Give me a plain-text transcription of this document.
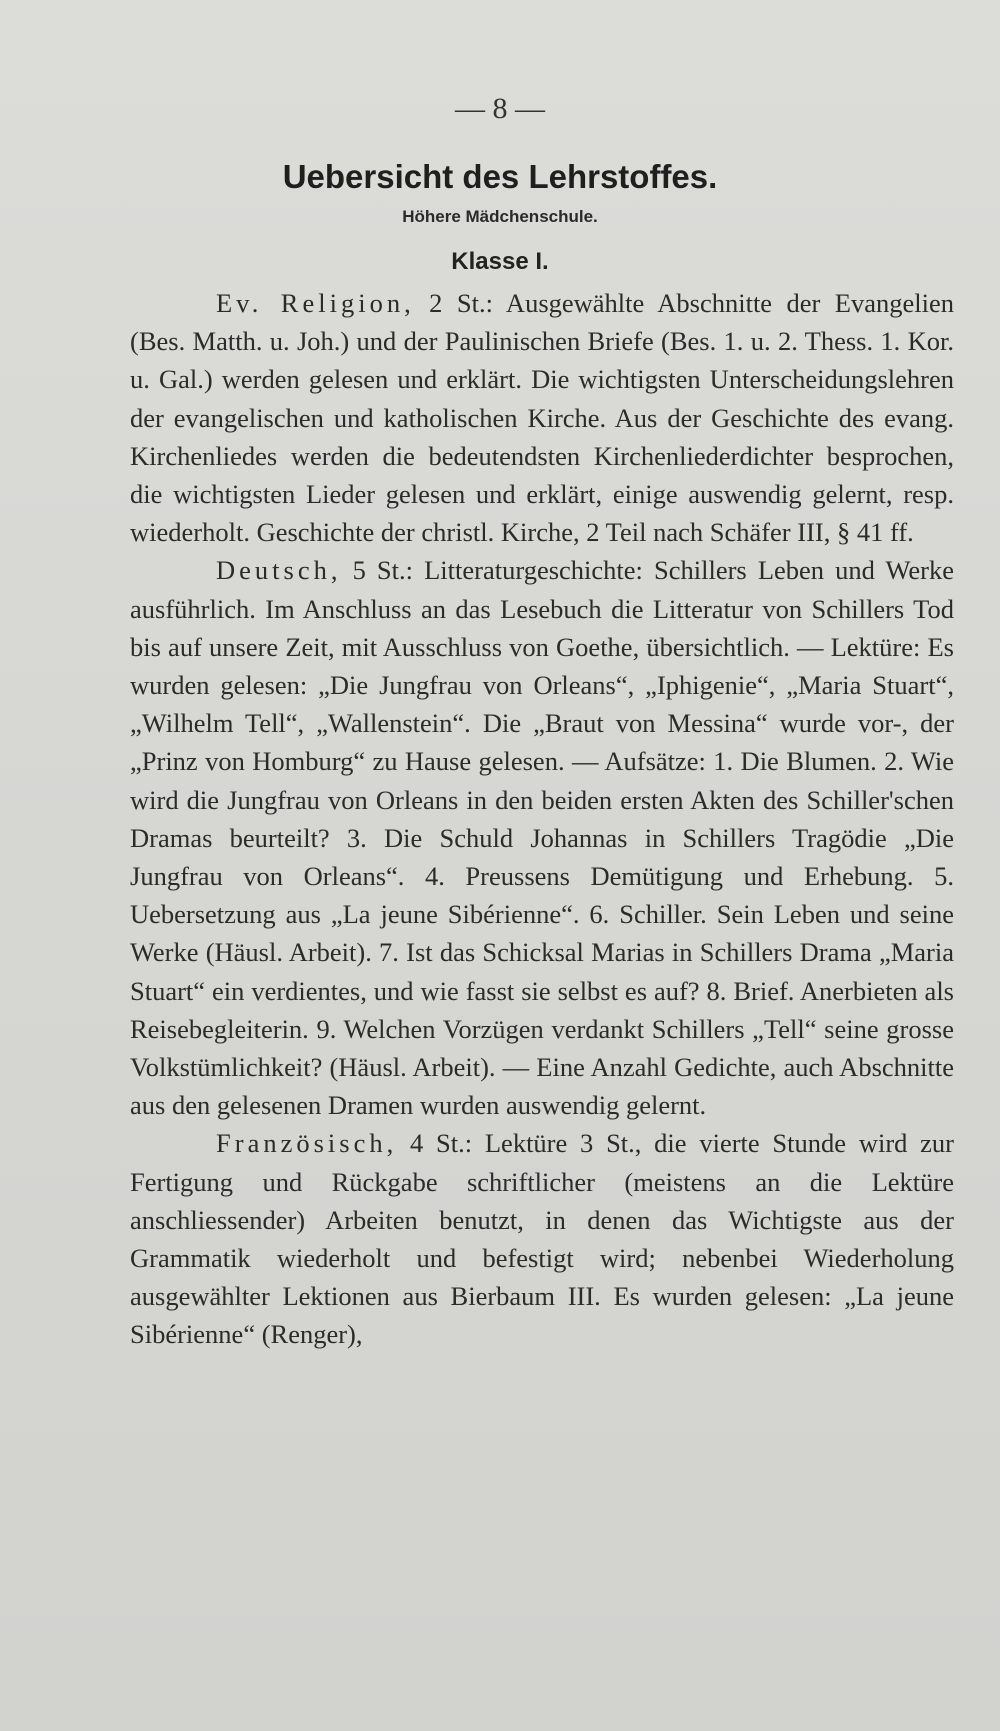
— 8 —
Uebersicht des Lehrstoffes.
Höhere Mädchenschule.
Klasse I.

Ev. Religion, 2 St.: Ausgewählte Abschnitte der Evangelien (Bes. Matth. u. Joh.) und der Paulinischen Briefe (Bes. 1. u. 2. Thess. 1. Kor. u. Gal.) werden gelesen und erklärt. Die wichtigsten Unterscheidungslehren der evangelischen und katholischen Kirche. Aus der Geschichte des evang. Kirchenliedes werden die bedeutendsten Kirchenliederdichter besprochen, die wichtigsten Lieder gelesen und erklärt, einige auswendig gelernt, resp. wiederholt. Geschichte der christl. Kirche, 2 Teil nach Schäfer III, § 41 ff.

Deutsch, 5 St.: Litteraturgeschichte: Schillers Leben und Werke ausführlich. Im Anschluss an das Lesebuch die Litteratur von Schillers Tod bis auf unsere Zeit, mit Ausschluss von Goethe, übersichtlich. — Lektüre: Es wurden gelesen: „Die Jungfrau von Orleans“, „Iphigenie“, „Maria Stuart“, „Wilhelm Tell“, „Wallenstein“. Die „Braut von Messina“ wurde vor-, der „Prinz von Homburg“ zu Hause gelesen. — Aufsätze: 1. Die Blumen. 2. Wie wird die Jungfrau von Orleans in den beiden ersten Akten des Schiller'schen Dramas beurteilt? 3. Die Schuld Johannas in Schillers Tragödie „Die Jungfrau von Orleans“. 4. Preussens Demütigung und Erhebung. 5. Uebersetzung aus „La jeune Sibérienne“. 6. Schiller. Sein Leben und seine Werke (Häusl. Arbeit). 7. Ist das Schicksal Marias in Schillers Drama „Maria Stuart“ ein verdientes, und wie fasst sie selbst es auf? 8. Brief. Anerbieten als Reisebegleiterin. 9. Welchen Vorzügen verdankt Schillers „Tell“ seine grosse Volkstümlichkeit? (Häusl. Arbeit). — Eine Anzahl Gedichte, auch Abschnitte aus den gelesenen Dramen wurden auswendig gelernt.

Französisch, 4 St.: Lektüre 3 St., die vierte Stunde wird zur Fertigung und Rückgabe schriftlicher (meistens an die Lektüre anschliessender) Arbeiten benutzt, in denen das Wichtigste aus der Grammatik wiederholt und befestigt wird; nebenbei Wiederholung ausgewählter Lektionen aus Bierbaum III. Es wurden gelesen: „La jeune Sibérienne“ (Renger),
